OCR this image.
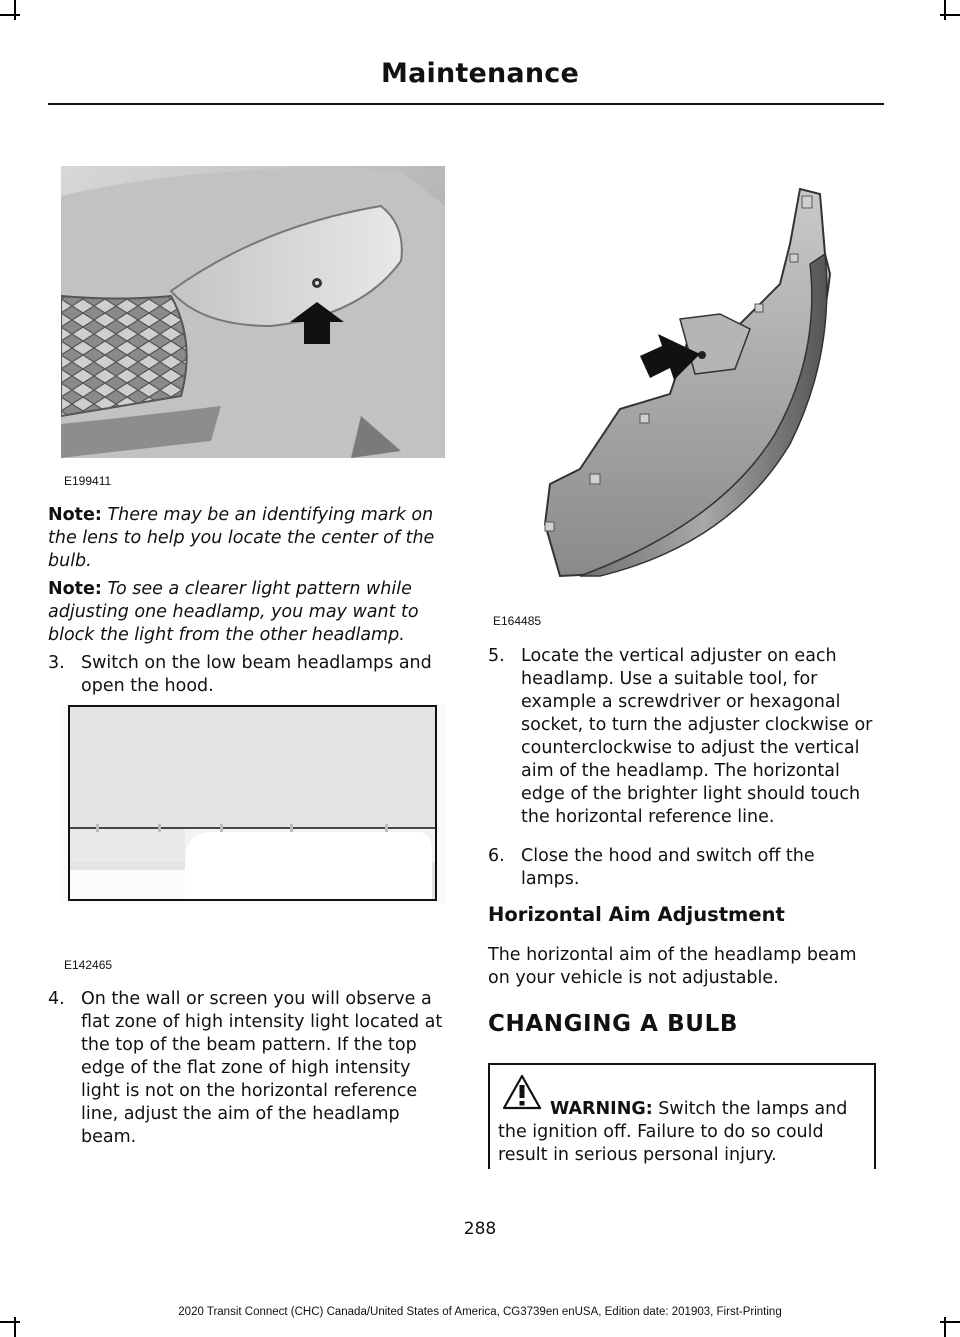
Maintenance
E199411
Note: There may be an identifying mark on the lens to help you locate the center of the bulb.
Note: To see a clearer light pattern while adjusting one headlamp, you may want to block the light from the other headlamp.
3. Switch on the low beam headlamps and open the hood.
E142465
4. On the wall or screen you will observe a flat zone of high intensity light located at the top of the beam pattern. If the top edge of the flat zone of high intensity light is not on the horizontal reference line, adjust the aim of the headlamp beam.
E164485
5. Locate the vertical adjuster on each headlamp. Use a suitable tool, for example a screwdriver or hexagonal socket, to turn the adjuster clockwise or counterclockwise to adjust the vertical aim of the headlamp. The horizontal edge of the brighter light should touch the horizontal reference line.
6. Close the hood and switch off the lamps.
Horizontal Aim Adjustment
The horizontal aim of the headlamp beam on your vehicle is not adjustable.
CHANGING A BULB
WARNING: Switch the lamps and the ignition off. Failure to do so could result in serious personal injury.
288
2020 Transit Connect (CHC) Canada/United States of America, CG3739en enUSA, Edition date: 201903, First-Printing
